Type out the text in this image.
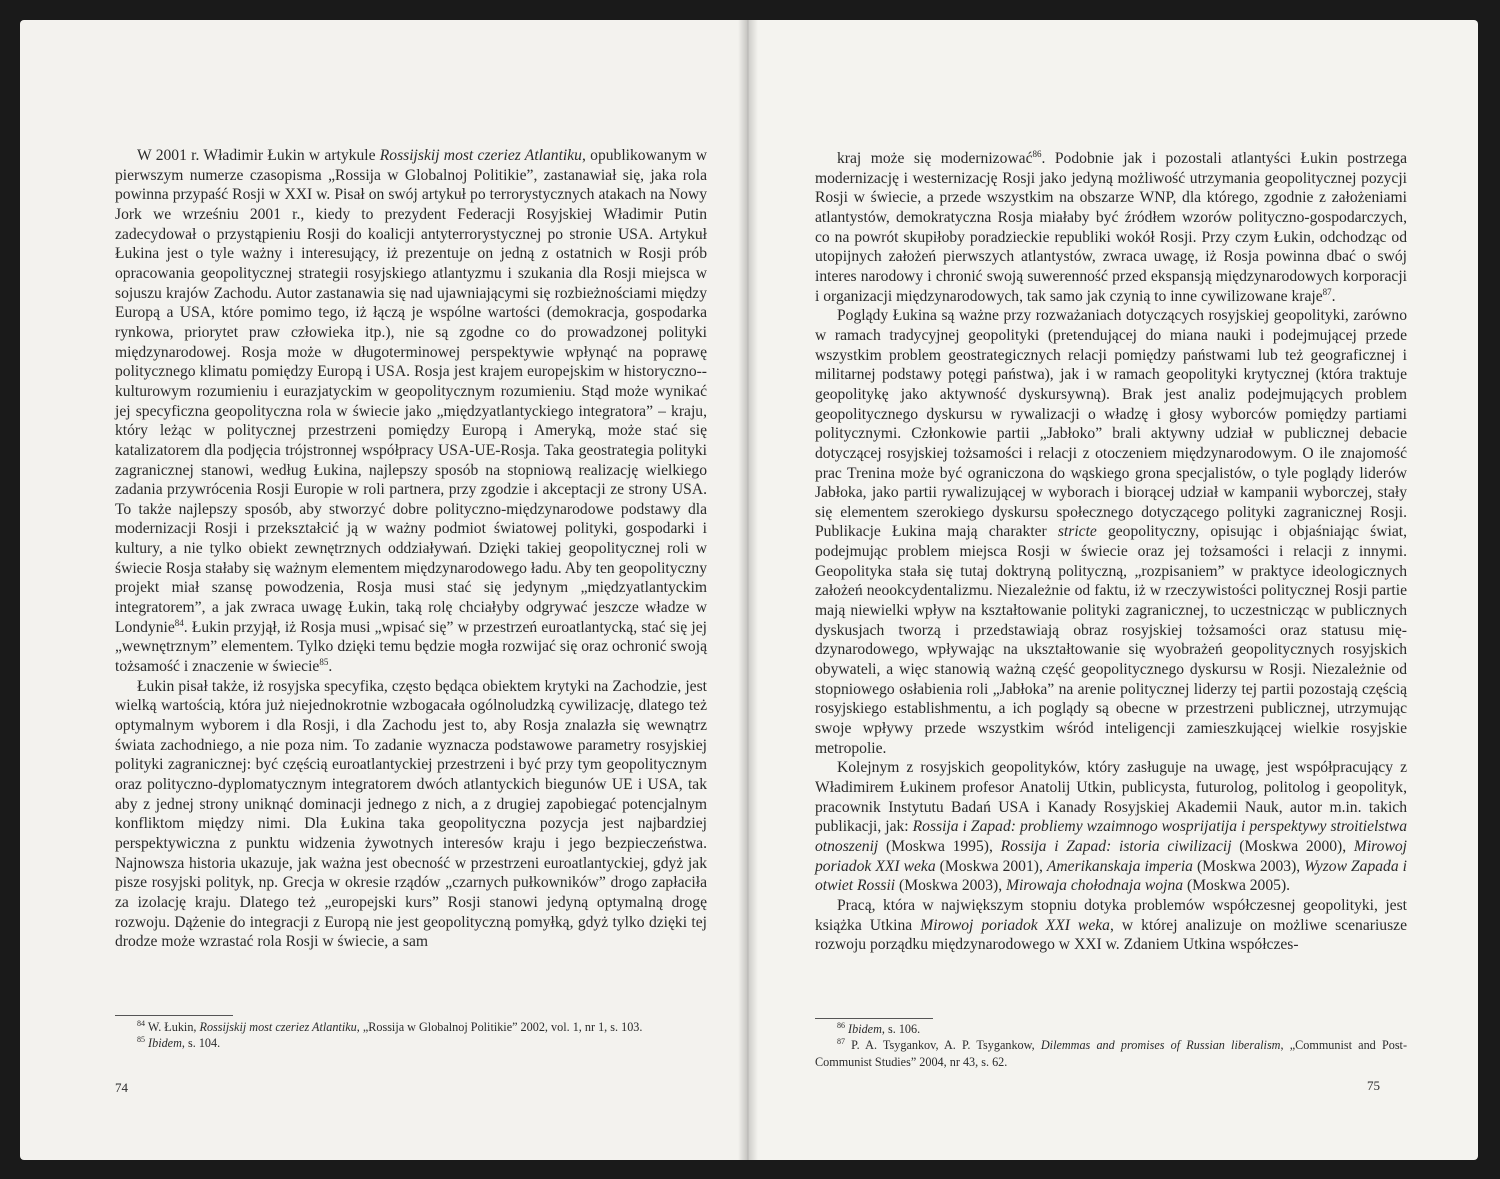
W 2001 r. Władimir Łukin w artykule Rossijskij most czeriez Atlantiku, opublikowanym w pierwszym numerze czasopisma „Rossija w Globalnoj Politikie”, zastanawiał się, jaka rola powinna przypaść Rosji w XXI w. Pisał on swój artykuł po terrorystycznych atakach na Nowy Jork we wrześniu 2001 r., kiedy to prezydent Federacji Rosyjskiej Władimir Putin zadecydował o przystąpieniu Rosji do koalicji antyterrorystycznej po stronie USA. Artykuł Łukina jest o tyle ważny i interesujący, iż prezentuje on jedną z ostatnich w Rosji prób opracowania geopolitycznej strategii rosyjskiego atlantyzmu i szukania dla Rosji miejsca w sojuszu krajów Zachodu. Autor zastanawia się nad ujawniającymi się rozbieżnościami między Europą a USA, które pomimo tego, iż łączą je wspólne wartości (demokracja, gospodarka rynkowa, priorytet praw człowieka itp.), nie są zgodne co do prowadzonej polityki międzynarodowej. Rosja może w długoterminowej perspektywie wpłynąć na poprawę politycznego klimatu pomiędzy Europą i USA. Rosja jest krajem europejskim w historyczno--kulturowym rozumieniu i eurazjatyckim w geopolitycznym rozumieniu. Stąd może wynikać jej specyficzna geopolityczna rola w świecie jako „międzyatlantyckiego integratora” – kraju, który leżąc w politycznej przestrzeni pomiędzy Europą i Ameryką, może stać się katalizatorem dla podjęcia trójstronnej współpracy USA-UE-Rosja. Taka geostrategia polityki zagranicznej stanowi, według Łukina, najlepszy sposób na stopniową realizację wielkiego zadania przywrócenia Rosji Europie w roli partnera, przy zgodzie i akceptacji ze strony USA. To także najlepszy sposób, aby stworzyć dobre polityczno-międzynarodowe podstawy dla modernizacji Rosji i przekształcić ją w ważny podmiot światowej polityki, gospodarki i kultury, a nie tylko obiekt zewnętrznych oddziaływań. Dzięki takiej geopolitycznej roli w świecie Rosja stałaby się ważnym elementem międzynarodowego ładu. Aby ten geopolityczny projekt miał szansę powodzenia, Rosja musi stać się jedynym „międzyatlantyckim integratorem”, a jak zwraca uwagę Łukin, taką rolę chciałyby odgrywać jeszcze władze w Londynie$^{84}$. Łukin przyjął, iż Rosja musi „wpisać się” w przestrzeń euroatlantycką, stać się jej „wewnętrznym” elementem. Tylko dzięki temu będzie mogła rozwijać się oraz ochronić swoją tożsamość i znaczenie w świecie$^{85}$.

Łukin pisał także, iż rosyjska specyfika, często będąca obiektem krytyki na Zachodzie, jest wielką wartością, która już niejednokrotnie wzbogacała ogólnoludzką cywilizację, dlatego też optymalnym wyborem i dla Rosji, i dla Zachodu jest to, aby Rosja znalazła się wewnątrz świata zachodniego, a nie poza nim. To zadanie wyznacza podstawowe parametry rosyjskiej polityki zagranicznej: być częścią euroatlantyckiej przestrzeni i być przy tym geopolitycznym oraz polityczno-dyplomatycznym integratorem dwóch atlantyckich biegunów UE i USA, tak aby z jednej strony uniknąć dominacji jednego z nich, a z drugiej zapobiegać potencjalnym konfliktom między nimi. Dla Łukina taka geopolityczna pozycja jest najbardziej perspektywiczna z punktu widzenia żywotnych interesów kraju i jego bezpieczeństwa. Najnowsza historia ukazuje, jak ważna jest obecność w przestrzeni euroatlantyckiej, gdyż jak pisze rosyjski polityk, np. Grecja w okresie rządów „czarnych pułkowników” drogo zapłaciła za izolację kraju. Dlatego też „europejski kurs” Rosji stanowi jedyną optymalną drogę rozwoju. Dążenie do integracji z Europą nie jest geopolityczną pomyłką, gdyż tylko dzięki tej drodze może wzrastać rola Rosji w świecie, a sam

$^{84}$ W. Łukin, Rossijskij most czeriez Atlantiku, „Rossija w Globalnoj Politikie” 2002, vol. 1, nr 1, s. 103.

$^{85}$ Ibidem, s. 104.

74

kraj może się modernizować$^{86}$. Podobnie jak i pozostali atlantyści Łukin postrzega modernizację i westernizację Rosji jako jedyną możliwość utrzymania geopolitycznej pozycji Rosji w świecie, a przede wszystkim na obszarze WNP, dla którego, zgodnie z założeniami atlantystów, demokratyczna Rosja miałaby być źródłem wzorów polityczno-gospodarczych, co na powrót skupiłoby poradzieckie republiki wokół Rosji. Przy czym Łukin, odchodząc od utopijnych założeń pierwszych atlantystów, zwraca uwagę, iż Rosja powinna dbać o swój interes narodowy i chronić swoją suwerenność przed ekspansją międzynarodowych korporacji i organizacji międzynarodowych, tak samo jak czynią to inne cywilizowane kraje$^{87}$.

Poglądy Łukina są ważne przy rozważaniach dotyczących rosyjskiej geopolityki, zarówno w ramach tradycyjnej geopolityki (pretendującej do miana nauki i podejmującej przede wszystkim problem geostrategicznych relacji pomiędzy państwami lub też geograficznej i militarnej podstawy potęgi państwa), jak i w ramach geopolityki krytycznej (która traktuje geopolitykę jako aktywność dyskursywną). Brak jest analiz podejmujących problem geopolitycznego dyskursu w rywalizacji o władzę i głosy wyborców pomiędzy partiami politycznymi. Członkowie partii „Jabłoko” brali aktywny udział w publicznej debacie dotyczącej rosyjskiej tożsamości i relacji z otoczeniem międzynarodowym. O ile znajomość prac Trenina może być ograniczona do wąskiego grona specjalistów, o tyle poglądy liderów Jabłoka, jako partii rywalizującej w wyborach i biorącej udział w kampanii wyborczej, stały się elementem szerokiego dyskursu społecznego dotyczącego polityki zagranicznej Rosji. Publikacje Łukina mają charakter stricte geopolityczny, opisując i objaśniając świat, podejmując problem miejsca Rosji w świecie oraz jej tożsamości i relacji z innymi. Geopolityka stała się tutaj doktryną polityczną, „rozpisaniem” w praktyce ideologicznych założeń neookcydentalizmu. Niezależnie od faktu, iż w rzeczywistości politycznej Rosji partie mają niewielki wpływ na kształtowanie polityki zagranicznej, to uczestnicząc w publicznych dyskusjach tworzą i przedstawiają obraz rosyjskiej tożsamości oraz statusu międzynarodowego, wpływając na ukształtowanie się wyobrażeń geopolitycznych rosyjskich obywateli, a więc stanowią ważną część geopolitycznego dyskursu w Rosji. Niezależnie od stopniowego osłabienia roli „Jabłoka” na arenie politycznej liderzy tej partii pozostają częścią rosyjskiego establishmentu, a ich poglądy są obecne w przestrzeni publicznej, utrzymując swoje wpływy przede wszystkim wśród inteligencji zamieszkującej wielkie rosyjskie metropolie.

Kolejnym z rosyjskich geopolityków, który zasługuje na uwagę, jest współpracujący z Władimirem Łukinem profesor Anatolij Utkin, publicysta, futurolog, politolog i geopolityk, pracownik Instytutu Badań USA i Kanady Rosyjskiej Akademii Nauk, autor m.in. takich publikacji, jak: Rossija i Zapad: probliemy wzaimnogo wosprijatija i perspektywy stroitielstwa otnoszenij (Moskwa 1995), Rossija i Zapad: istoria ciwilizacij (Moskwa 2000), Mirowoj poriadok XXI weka (Moskwa 2001), Amerikanskaja imperia (Moskwa 2003), Wyzow Zapada i otwiet Rossii (Moskwa 2003), Mirowaja chołodnaja wojna (Moskwa 2005).

Pracą, która w największym stopniu dotyka problemów współczesnej geopolityki, jest książka Utkina Mirowoj poriadok XXI weka, w której analizuje on możliwe scenariusze rozwoju porządku międzynarodowego w XXI w. Zdaniem Utkina współczes-

$^{86}$ Ibidem, s. 106.

$^{87}$ P. A. Tsygankov, A. P. Tsygankow, Dilemmas and promises of Russian liberalism, „Communist and Post-Communist Studies” 2004, nr 43, s. 62.

75
